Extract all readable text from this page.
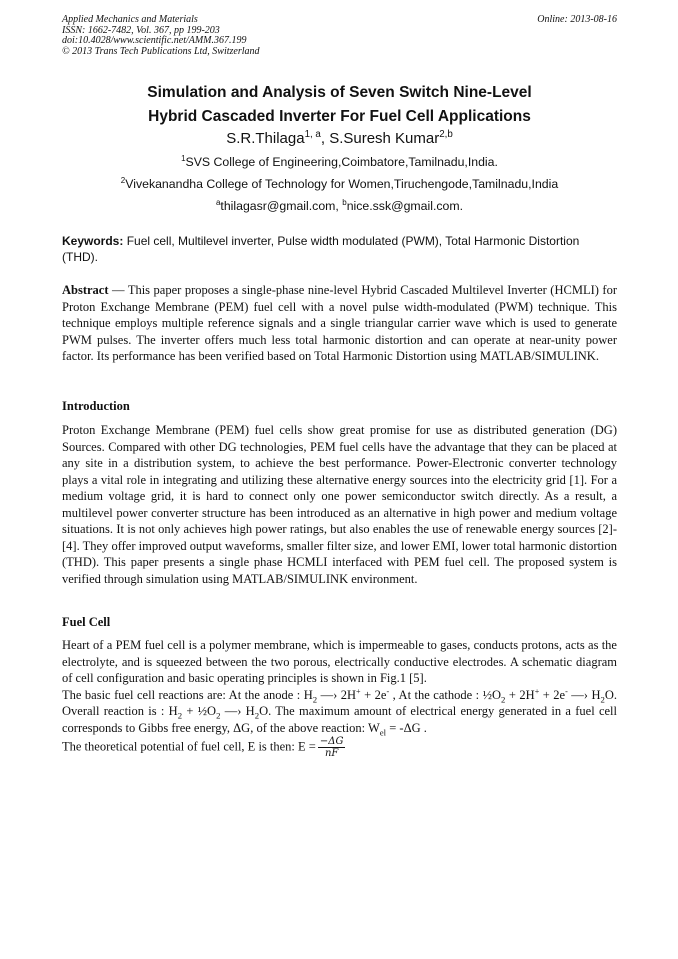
Applied Mechanics and Materials
ISSN: 1662-7482, Vol. 367, pp 199-203
doi:10.4028/www.scientific.net/AMM.367.199
© 2013 Trans Tech Publications Ltd, Switzerland
Online: 2013-08-16
Simulation and Analysis of Seven Switch Nine-Level
Hybrid Cascaded Inverter For Fuel Cell Applications
S.R.Thilaga$^{1, a}$, S.Suresh Kumar$^{2,b}$
$^1$SVS College of Engineering,Coimbatore,Tamilnadu,India.
$^2$Vivekanandha College of Technology for Women,Tiruchengode,Tamilnadu,India
$^a$thilagasr@gmail.com, $^b$nice.ssk@gmail.com.
Keywords: Fuel cell, Multilevel inverter, Pulse width modulated (PWM), Total Harmonic Distortion (THD).
Abstract — This paper proposes a single-phase nine-level Hybrid Cascaded Multilevel Inverter (HCMLI) for Proton Exchange Membrane (PEM) fuel cell with a novel pulse width-modulated (PWM) technique. This technique employs multiple reference signals and a single triangular carrier wave which is used to generate PWM pulses. The inverter offers much less total harmonic distortion and can operate at near-unity power factor. Its performance has been verified based on Total Harmonic Distortion using MATLAB/SIMULINK.
Introduction
Proton Exchange Membrane (PEM) fuel cells show great promise for use as distributed generation (DG) Sources. Compared with other DG technologies, PEM fuel cells have the advantage that they can be placed at any site in a distribution system, to achieve the best performance. Power-Electronic converter technology plays a vital role in integrating and utilizing these alternative energy sources into the electricity grid [1]. For a medium voltage grid, it is hard to connect only one power semiconductor switch directly. As a result, a multilevel power converter structure has been introduced as an alternative in high power and medium voltage situations. It is not only achieves high power ratings, but also enables the use of renewable energy sources [2]-[4]. They offer improved output waveforms, smaller filter size, and lower EMI, lower total harmonic distortion (THD). This paper presents a single phase HCMLI interfaced with PEM fuel cell. The proposed system is verified through simulation using MATLAB/SIMULINK environment.
Fuel Cell
Heart of a PEM fuel cell is a polymer membrane, which is impermeable to gases, conducts protons, acts as the electrolyte, and is squeezed between the two porous, electrically conductive electrodes. A schematic diagram of cell configuration and basic operating principles is shown in Fig.1 [5].
The basic fuel cell reactions are: At the anode : $H_2$ —› 2H+ + 2e- , At the cathode : $\frac{1}{2}O_2 + 2H^+ + 2e^-$ —› $H_2O$. Overall reaction is : $H_2$ + $\frac{1}{2}O_2$ —› $H_2O$. The maximum amount of electrical energy generated in a fuel cell corresponds to Gibbs free energy, ΔG, of the above reaction: $W_{el} = -\Delta G$ .
The theoretical potential of fuel cell, E is then: $E = \frac{-\Delta G}{nF}$
